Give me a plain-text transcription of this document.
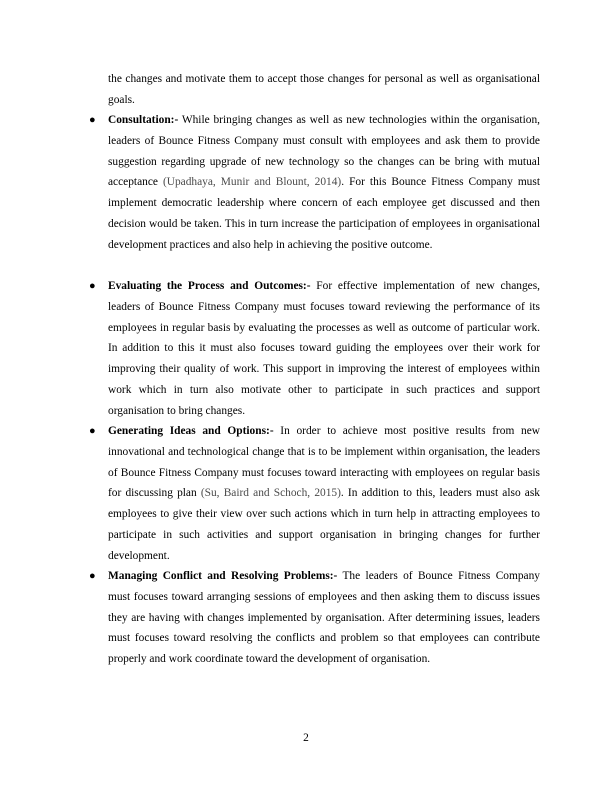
the changes and motivate them to accept those changes for personal as well as organisational goals.

● Consultation:- While bringing changes as well as new technologies within the organisation, leaders of Bounce Fitness Company must consult with employees and ask them to provide suggestion regarding upgrade of new technology so the changes can be bring with mutual acceptance (Upadhaya, Munir and Blount, 2014). For this Bounce Fitness Company must implement democratic leadership where concern of each employee get discussed and then decision would be taken. This in turn increase the participation of employees in organisational development practices and also help in achieving the positive outcome.

● Evaluating the Process and Outcomes:- For effective implementation of new changes, leaders of Bounce Fitness Company must focuses toward reviewing the performance of its employees in regular basis by evaluating the processes as well as outcome of particular work. In addition to this it must also focuses toward guiding the employees over their work for improving their quality of work. This support in improving the interest of employees within work which in turn also motivate other to participate in such practices and support organisation to bring changes.

● Generating Ideas and Options:- In order to achieve most positive results from new innovational and technological change that is to be implement within organisation, the leaders of Bounce Fitness Company must focuses toward interacting with employees on regular basis for discussing plan (Su, Baird and Schoch, 2015). In addition to this, leaders must also ask employees to give their view over such actions which in turn help in attracting employees to participate in such activities and support organisation in bringing changes for further development.

● Managing Conflict and Resolving Problems:- The leaders of Bounce Fitness Company must focuses toward arranging sessions of employees and then asking them to discuss issues they are having with changes implemented by organisation. After determining issues, leaders must focuses toward resolving the conflicts and problem so that employees can contribute properly and work coordinate toward the development of organisation.

2
